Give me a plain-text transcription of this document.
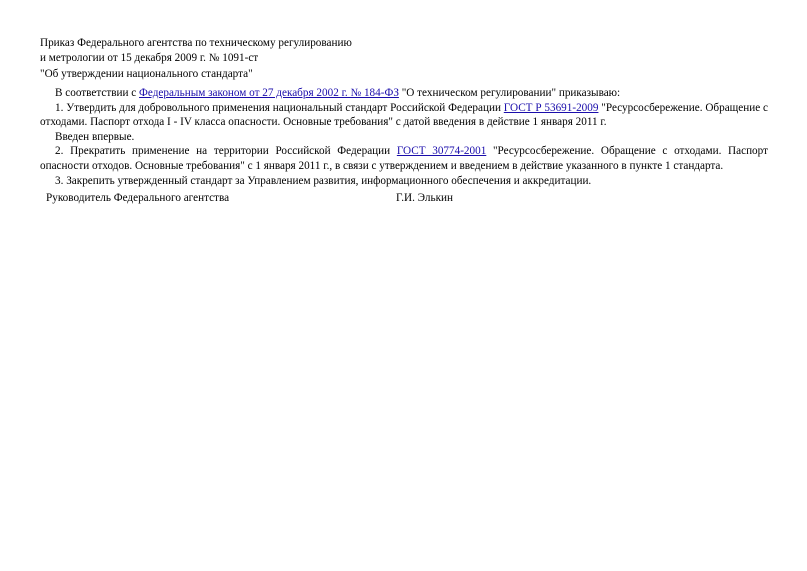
Приказ Федерального агентства по техническому регулированию
и метрологии от 15 декабря 2009 г. № 1091-ст
"Об утверждении национального стандарта"

В соответствии с Федеральным законом от 27 декабря 2002 г. № 184-ФЗ "О техническом регулировании" приказываю:

1. Утвердить для добровольного применения национальный стандарт Российской Федерации ГОСТ Р 53691-2009 "Ресурсосбережение. Обращение с отходами. Паспорт отхода I - IV класса опасности. Основные требования" с датой введения в действие 1 января 2011 г.

Введен впервые.

2. Прекратить применение на территории Российской Федерации ГОСТ 30774-2001 "Ресурсосбережение. Обращение с отходами. Паспорт опасности отходов. Основные требования" с 1 января 2011 г., в связи с утверждением и введением в действие указанного в пункте 1 стандарта.

3. Закрепить утвержденный стандарт за Управлением развития, информационного обеспечения и аккредитации.

Руководитель Федерального агентства	Г.И. Элькин
